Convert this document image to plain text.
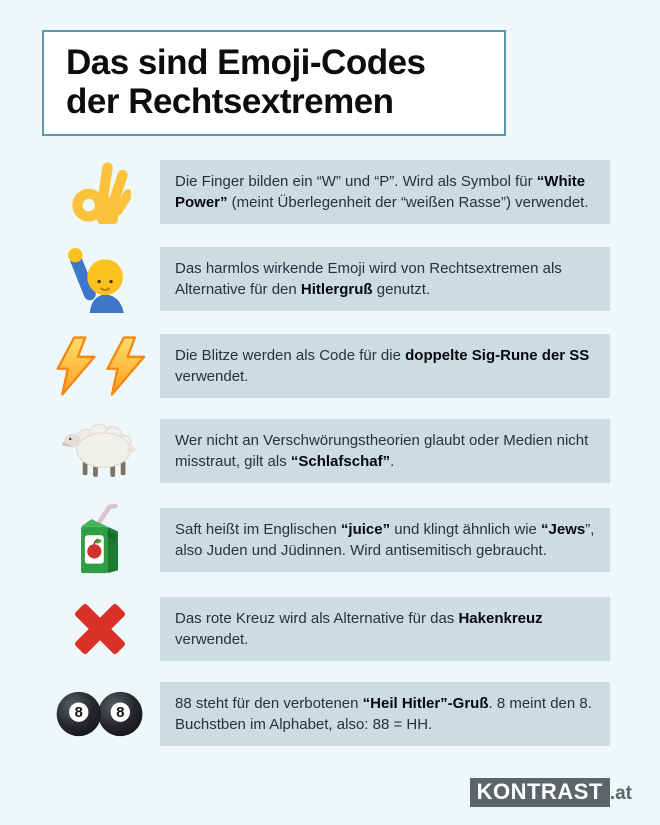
Das sind Emoji-Codes
der Rechtsextremen
Die Finger bilden ein “W” und “P”. Wird als Symbol für “White Power” (meint Überlegenheit der “weißen Rasse”) verwendet.
Das harmlos wirkende Emoji wird von Rechtsextremen als Alternative für den Hitlergruß genutzt.
Die Blitze werden als Code für die doppelte Sig-Rune der SS verwendet.
Wer nicht an Verschwörungstheorien glaubt oder Medien nicht misstraut, gilt als “Schlafschaf”.
Saft heißt im Englischen “juice” und klingt ähnlich wie “Jews”, also Juden und Jüdinnen. Wird antisemitisch gebraucht.
Das rote Kreuz wird als Alternative für das Hakenkreuz verwendet.
8
8
88 steht für den verbotenen “Heil Hitler”-Gruß. 8 meint den 8. Buchstben im Alphabet, also: 88 = HH.
KONTRAST .at
